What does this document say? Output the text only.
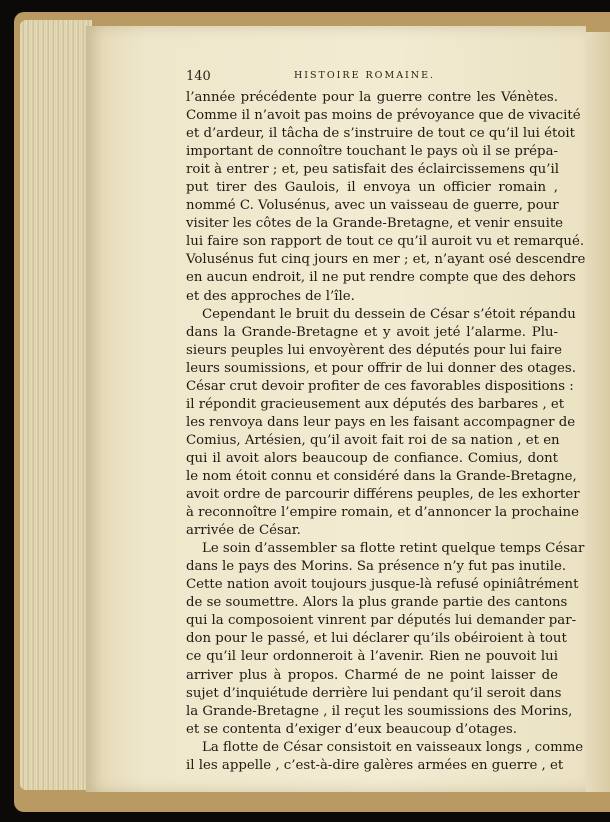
140	HISTOIRE ROMAINE.
l’année précédente pour la guerre contre les Vénètes.
Comme il n’avoit pas moins de prévoyance que de vivacité
et d’ardeur, il tâcha de s’instruire de tout ce qu’il lui étoit
important de connoître touchant le pays où il se prépa-
roit à entrer ; et, peu satisfait des éclaircissemens qu’il
put tirer des Gaulois, il envoya un officier romain ,
nommé C. Volusénus, avec un vaisseau de guerre, pour
visiter les côtes de la Grande-Bretagne, et venir ensuite
lui faire son rapport de tout ce qu’il auroit vu et remarqué.
Volusénus fut cinq jours en mer ; et, n’ayant osé descendre
en aucun endroit, il ne put rendre compte que des dehors
et des approches de l’île.
Cependant le bruit du dessein de César s’étoit répandu
dans la Grande-Bretagne et y avoit jeté l’alarme. Plu-
sieurs peuples lui envoyèrent des députés pour lui faire
leurs soumissions, et pour offrir de lui donner des otages.
César crut devoir profiter de ces favorables dispositions :
il répondit gracieusement aux députés des barbares , et
les renvoya dans leur pays en les faisant accompagner de
Comius, Artésien, qu’il avoit fait roi de sa nation , et en
qui il avoit alors beaucoup de confiance. Comius, dont
le nom étoit connu et considéré dans la Grande-Bretagne,
avoit ordre de parcourir différens peuples, de les exhorter
à reconnoître l’empire romain, et d’annoncer la prochaine
arrivée de César.
Le soin d’assembler sa flotte retint quelque temps César
dans le pays des Morins. Sa présence n’y fut pas inutile.
Cette nation avoit toujours jusque-là refusé opiniâtrément
de se soumettre. Alors la plus grande partie des cantons
qui la composoient vinrent par députés lui demander par-
don pour le passé, et lui déclarer qu’ils obéiroient à tout
ce qu’il leur ordonneroit à l’avenir. Rien ne pouvoit lui
arriver plus à propos. Charmé de ne point laisser de
sujet d’inquiétude derrière lui pendant qu’il seroit dans
la Grande-Bretagne , il reçut les soumissions des Morins,
et se contenta d’exiger d’eux beaucoup d’otages.
La flotte de César consistoit en vaisseaux longs , comme
il les appelle , c’est-à-dire galères armées en guerre , et
